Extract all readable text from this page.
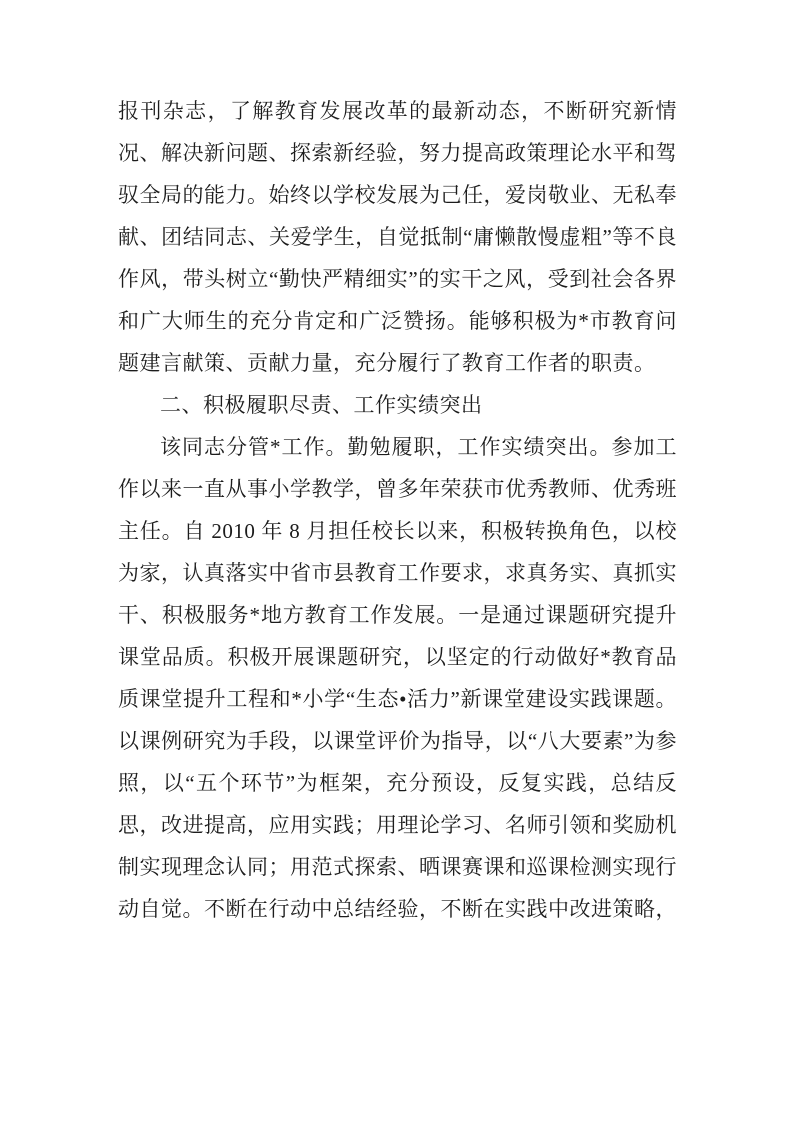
报刊杂志，了解教育发展改革的最新动态，不断研究新情况、解决新问题、探索新经验，努力提高政策理论水平和驾驭全局的能力。始终以学校发展为己任，爱岗敬业、无私奉献、团结同志、关爱学生，自觉抵制“庸懒散慢虚粗”等不良作风，带头树立“勤快严精细实”的实干之风，受到社会各界和广大师生的充分肯定和广泛赞扬。能够积极为*市教育问题建言献策、贡献力量，充分履行了教育工作者的职责。

二、积极履职尽责、工作实绩突出

该同志分管*工作。勤勉履职，工作实绩突出。参加工作以来一直从事小学教学，曾多年荣获市优秀教师、优秀班主任。自 2010 年 8 月担任校长以来，积极转换角色，以校为家，认真落实中省市县教育工作要求，求真务实、真抓实干、积极服务*地方教育工作发展。一是通过课题研究提升课堂品质。积极开展课题研究，以坚定的行动做好*教育品质课堂提升工程和*小学“生态•活力”新课堂建设实践课题。以课例研究为手段，以课堂评价为指导，以“八大要素”为参照，以“五个环节”为框架，充分预设，反复实践，总结反思，改进提高，应用实践；用理论学习、名师引领和奖励机制实现理念认同；用范式探索、晒课赛课和巡课检测实现行动自觉。不断在行动中总结经验，不断在实践中改进策略，
